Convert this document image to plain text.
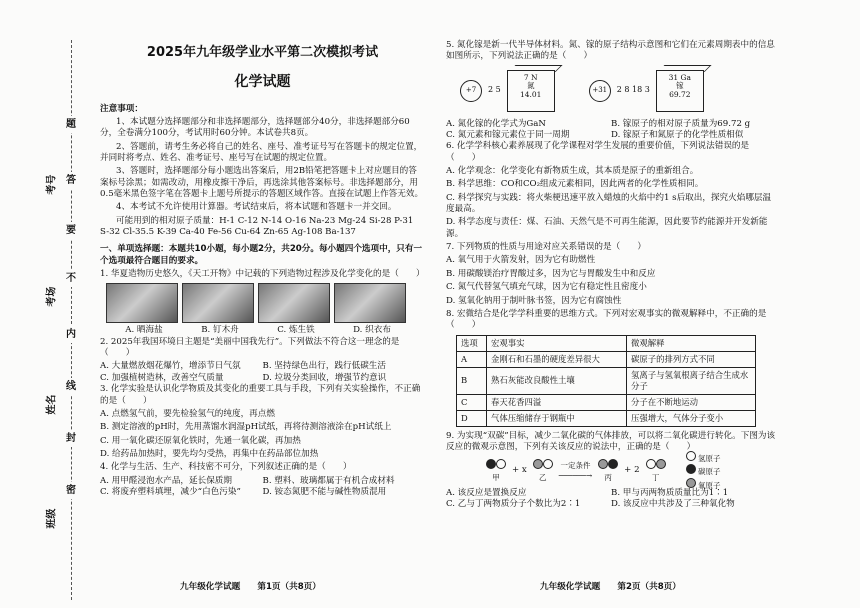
考号 答
题
考场
要
不
姓名
内
线
封
密
班级
2025年九年级学业水平第二次模拟考试
化学试题

注意事项：

1、本试题分选择题部分和非选择题部分，选择题部分40分，非选择题部分60分，全卷满分100分，考试用时60分钟。本试卷共8页。

2、答题前，请考生务必将自己的姓名、座号、准考证号写在答题卡的规定位置，并同时将考点、姓名、准考证号、座号写在试题的规定位置。

3、答题时，选择题部分每小题选出答案后，用2B铅笔把答题卡上对应题目的答案标号涂黑；如需改动，用橡皮擦干净后，再选涂其他答案标号。非选择题部分，用0.5毫米黑色签字笔在答题卡上题号所提示的答题区域作答。直接在试题上作答无效。

4、本考试不允许使用计算器。考试结束后，将本试题和答题卡一并交回。

可能用到的相对原子质量：H-1 C-12 N-14 O-16 Na-23 Mg-24 Si-28 P-31 S-32 Cl-35.5 K-39 Ca-40 Fe-56 Cu-64 Zn-65 Ag-108 Ba-137

一、单项选择题：本题共10小题，每小题2分，共20分。每小题四个选项中，只有一个选项最符合题目的要求。

1. 华夏造物历史悠久，《天工开物》中记载的下列造物过程涉及化学变化的是（　　）

A. 晒海盐	B. 钉木舟	C. 炼生铁	D. 织衣布

2. 2025年我国环境日主题是“美丽中国我先行”。下列做法不符合这一理念的是（　　）

A. 大量燃放烟花爆竹，增添节日气氛	B. 坚持绿色出行，践行低碳生活
C. 加强植树造林，改善空气质量	D. 垃圾分类回收，增强节约意识

3. 化学实验是认识化学物质及其变化的重要工具与手段，下列有关实验操作，不正确的是（　　）

A. 点燃氢气前，要先检验氢气的纯度，再点燃

B. 测定溶液的pH时，先用蒸馏水润湿pH试纸，再将待测溶液涂在pH试纸上

C. 用一氧化碳还原氧化铁时，先通一氧化碳，再加热

D. 给药品加热时，要先均匀受热，再集中在药品部位加热

4. 化学与生活、生产、科技密不可分，下列叙述正确的是（　　）

A. 用甲醛浸泡水产品，延长保质期	B. 塑料、玻璃都属于有机合成材料
C. 将废弃塑料填埋，减少“白色污染”	D. 铵态氮肥不能与碱性物质混用
九年级化学试题　　第1页（共8页）

5. 氮化镓是新一代半导体材料。氮、镓的原子结构示意图和它们在元素周期表中的信息如图所示，下列说法正确的是（　　）

+7	2 5
7 N
氮
14.01	+31	2 8 18 3
31 Ga
镓
69.72
A. 氮化镓的化学式为GaN	B. 镓原子的相对原子质量为69.72 g
C. 氮元素和镓元素位于同一周期	D. 镓原子和氮原子的化学性质相似

6. 化学学科核心素养展现了化学课程对学生发展的重要价值，下列说法错误的是（　　）

A. 化学观念：化学变化有新物质生成，其本质是原子的重新组合。

B. 科学思维：CO和CO₂组成元素相同，因此两者的化学性质相同。

C. 科学探究与实践：将火柴梗迅速平放入蜡烛的火焰中约1 s后取出，探究火焰哪层温度最高。

D. 科学态度与责任：煤、石油、天然气是不可再生能源，因此要节约能源并开发新能源。

7. 下列物质的性质与用途对应关系错误的是（　　）

A. 氧气用于火箭发射，因为它有助燃性

B. 用碳酸镁治疗胃酸过多，因为它与胃酸发生中和反应

C. 氮气代替氢气填充气球，因为它有稳定性且密度小

D. 氢氧化钠用于制叶脉书签，因为它有腐蚀性

8. 宏微结合是化学学科重要的思维方式。下列对宏观事实的微观解释中，不正确的是（　　）

选项	宏观事实	微观解释
A	金刚石和石墨的硬度差异很大	碳原子的排列方式不同
B	熟石灰能改良酸性土壤	氢离子与氢氧根离子结合生成水分子
C	春天花香四溢	分子在不断地运动
D	气体压缩储存于钢瓶中	压强增大，气体分子变小

9. 为实现“双碳”目标，减少二氧化碳的气体排放，可以将二氧化碳进行转化。下图为该反应的微观示意图，下列有关该反应的说法中，正确的是（　　）

甲
+ x
乙
一定条件
──────→	丙
+ 2
丁
氢原子
碳原子
氧原子
A. 该反应是置换反应	B. 甲与丙两物质质量比为1∶1
C. 乙与丁两物质分子个数比为2∶1	D. 该反应中共涉及了三种氧化物
九年级化学试题　　第2页（共8页）
